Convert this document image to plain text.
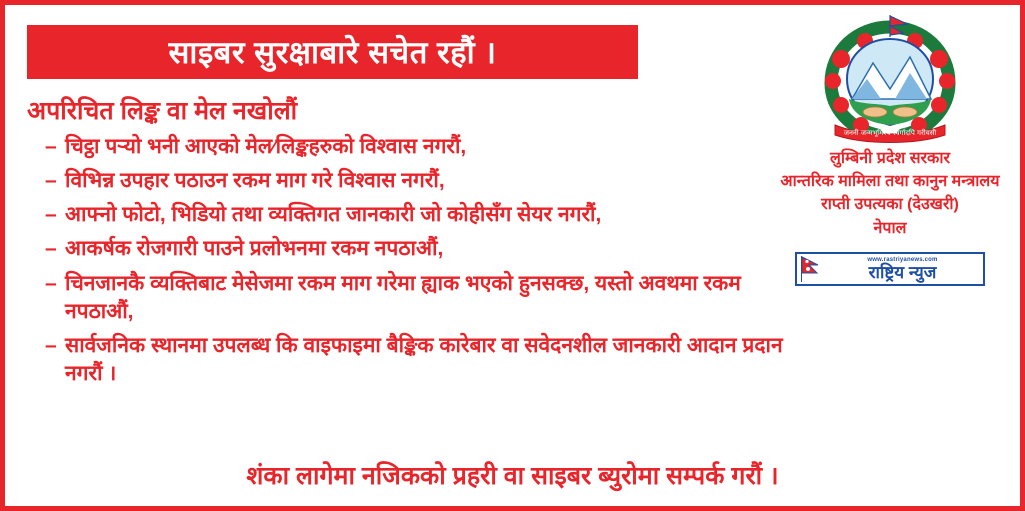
साइबर सुरक्षाबारे सचेत रहौं ।
अपरिचित लिङ्क वा मेल नखोलौं
– चिट्ठा पर्‍यो भनी आएको मेल⁄लिङ्कहरुको विश्वास नगरौं,
– विभिन्न उपहार पठाउन रकम माग गरे विश्वास नगरौं,
– आफ्नो फोटो, भिडियो तथा व्यक्तिगत जानकारी जो कोहीसँग सेयर नगरौं,
– आकर्षक रोजगारी पाउने प्रलोभनमा रकम नपठाऔं,
– चिनजानकै व्यक्तिबाट मेसेजमा रकम माग गरेमा ह्याक भएको हुनसक्छ, यस्तो अवथमा रकम नपठाऔं,
– सार्वजनिक स्थानमा उपलब्ध कि वाइफाइमा बैङ्कि‌क कारेबार वा सवेदनशील जानकारी आदान प्रदान नगरौं ।
शंका लागेमा नजिकको प्रहरी वा साइबर ब्युरोमा सम्पर्क गरौं ।
जननी जन्मभूमिश्च स्वर्गादपि गरीयसी
लुम्बिनी प्रदेश सरकार
आन्तरिक मामिला तथा कानुन मन्त्रालय
राप्ती उपत्यका (देउखरी)
नेपाल
www.rastriyanews.com
राष्ट्रिय न्युज
